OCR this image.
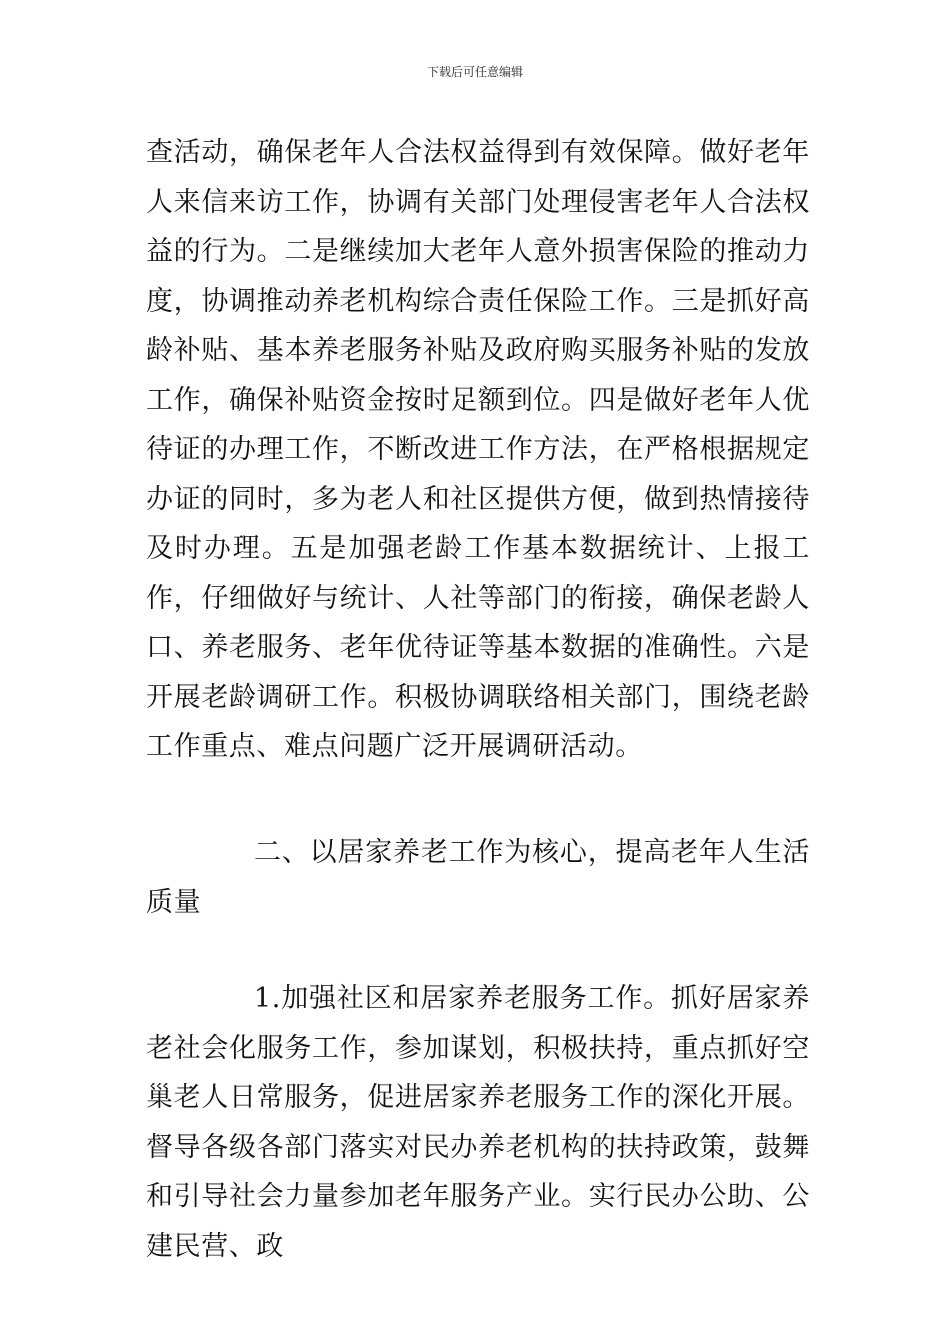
下载后可任意编辑

查活动，确保老年人合法权益得到有效保障。做好老年人来信来访工作，协调有关部门处理侵害老年人合法权益的行为。二是继续加大老年人意外损害保险的推动力度，协调推动养老机构综合责任保险工作。三是抓好高龄补贴、基本养老服务补贴及政府购买服务补贴的发放工作，确保补贴资金按时足额到位。四是做好老年人优待证的办理工作，不断改进工作方法，在严格根据规定办证的同时，多为老人和社区提供方便，做到热情接待及时办理。五是加强老龄工作基本数据统计、上报工作，仔细做好与统计、人社等部门的衔接，确保老龄人口、养老服务、老年优待证等基本数据的准确性。六是开展老龄调研工作。积极协调联络相关部门，围绕老龄工作重点、难点问题广泛开展调研活动。

二、以居家养老工作为核心，提高老年人生活质量

1.加强社区和居家养老服务工作。抓好居家养老社会化服务工作，参加谋划，积极扶持，重点抓好空巢老人日常服务，促进居家养老服务工作的深化开展。督导各级各部门落实对民办养老机构的扶持政策，鼓舞和引导社会力量参加老年服务产业。实行民办公助、公建民营、政
